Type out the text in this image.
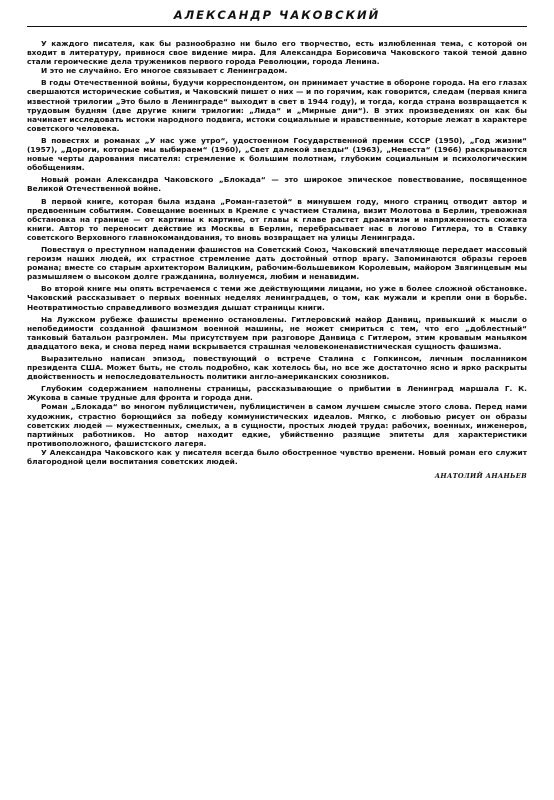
АЛЕКСАНДР ЧАКОВСКИЙ

У каждого писателя, как бы разнообразно ни было его творчество, есть излюбленная тема, с которой он входит в литературу, привнося свое видение мира. Для Александра Борисовича Чаковского такой темой давно стали героические дела тружеников первого города Революции, города Ленина.

И это не случайно. Его многое связывает с Ленинградом.

В годы Отечественной войны, будучи корреспондентом, он принимает участие в обороне города. На его глазах свершаются исторические события, и Чаковский пишет о них — и по горячим, как говорится, следам (первая книга известной трилогии „Это было в Ленинграде“ выходит в свет в 1944 году), и тогда, когда страна возвращается к трудовым будням (две другие книги трилогии: „Лида“ и „Мирные дни“). В этих произведениях он как бы начинает исследовать истоки народного подвига, истоки социальные и нравственные, которые лежат в характере советского человека.

В повестях и романах „У нас уже утро“, удостоенном Государственной премии СССР (1950), „Год жизни“ (1957), „Дороги, которые мы выбираем“ (1960), „Свет далекой звезды“ (1963), „Невеста“ (1966) раскрываются новые черты дарования писателя: стремление к большим полотнам, глубоким социальным и психологическим обобщениям.

Новый роман Александра Чаковского „Блокада“ — это широкое эпическое повествование, посвященное Великой Отечественной войне.

В первой книге, которая была издана „Роман-газетой“ в минувшем году, много страниц отводит автор и предвоенным событиям. Совещание военных в Кремле с участием Сталина, визит Молотова в Берлин, тревожная обстановка на границе — от картины к картине, от главы к главе растет драматизм и напряженность сюжета книги. Автор то переносит действие из Москвы в Берлин, перебрасывает нас в логово Гитлера, то в Ставку советского Верховного главнокомандования, то вновь возвращает на улицы Ленинграда.

Повествуя о преступном нападении фашистов на Советский Союз, Чаковский впечатляюще передает массовый героизм наших людей, их страстное стремление дать достойный отпор врагу. Запоминаются образы героев романа; вместе со старым архитектором Валицким, рабочим-большевиком Королевым, майором Звягинцевым мы размышляем о высоком долге гражданина, волнуемся, любим и ненавидим.

Во второй книге мы опять встречаемся с теми же действующими лицами, но уже в более сложной обстановке. Чаковский рассказывает о первых военных неделях ленинградцев, о том, как мужали и крепли они в борьбе. Неотвратимостью справедливого возмездия дышат страницы книги.

На Лужском рубеже фашисты временно остановлены. Гитлеровский майор Данвиц, привыкший к мысли о непобедимости созданной фашизмом военной машины, не может смириться с тем, что его „доблестный“ танковый батальон разгромлен. Мы присутствуем при разговоре Данвица с Гитлером, этим кровавым маньяком двадцатого века, и снова перед нами вскрывается страшная человеконенавистническая сущность фашизма.

Выразительно написан эпизод, повествующий о встрече Сталина с Гопкинсом, личным посланником президента США. Может быть, не столь подробно, как хотелось бы, но все же достаточно ясно и ярко раскрыты двойственность и непоследовательность политики англо-американских союзников.

Глубоким содержанием наполнены страницы, рассказывающие о прибытии в Ленинград маршала Г. К. Жукова в самые трудные для фронта и города дни.

Роман „Блокада“ во многом публицистичен, публицистичен в самом лучшем смысле этого слова. Перед нами художник, страстно борющийся за победу коммунистических идеалов. Мягко, с любовью рисует он образы советских людей — мужественных, смелых, а в сущности, простых людей труда: рабочих, военных, инженеров, партийных работников. Но автор находит едкие, убийственно разящие эпитеты для характеристики противоположного, фашистского лагеря.

У Александра Чаковского как у писателя всегда было обостренное чувство времени. Новый роман его служит благородной цели воспитания советских людей.

АНАТОЛИЙ АНАНЬЕВ
